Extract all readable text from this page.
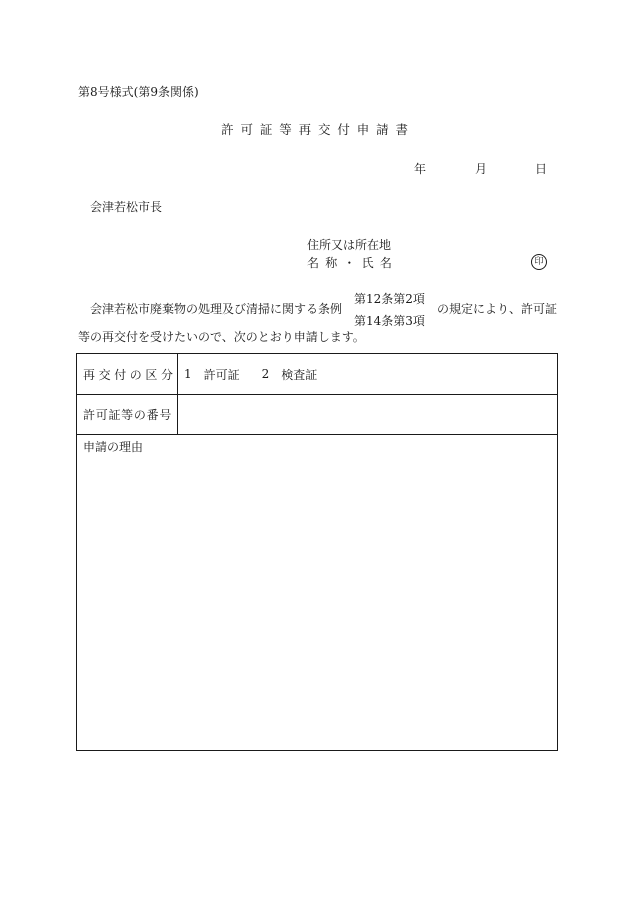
第8号様式(第9条関係)
許可証等再交付申請書
年	月	日
会津若松市長
住所又は所在地
名 称 ・ 氏 名	印
会津若松市廃棄物の処理及び清掃に関する条例
第12条第2項
第14条第3項
の規定により、許可証
等の再交付を受けたいので、次のとおり申請します。
再交付の区分 1 許可証 2 検査証
許可証等の番号
申請の理由
